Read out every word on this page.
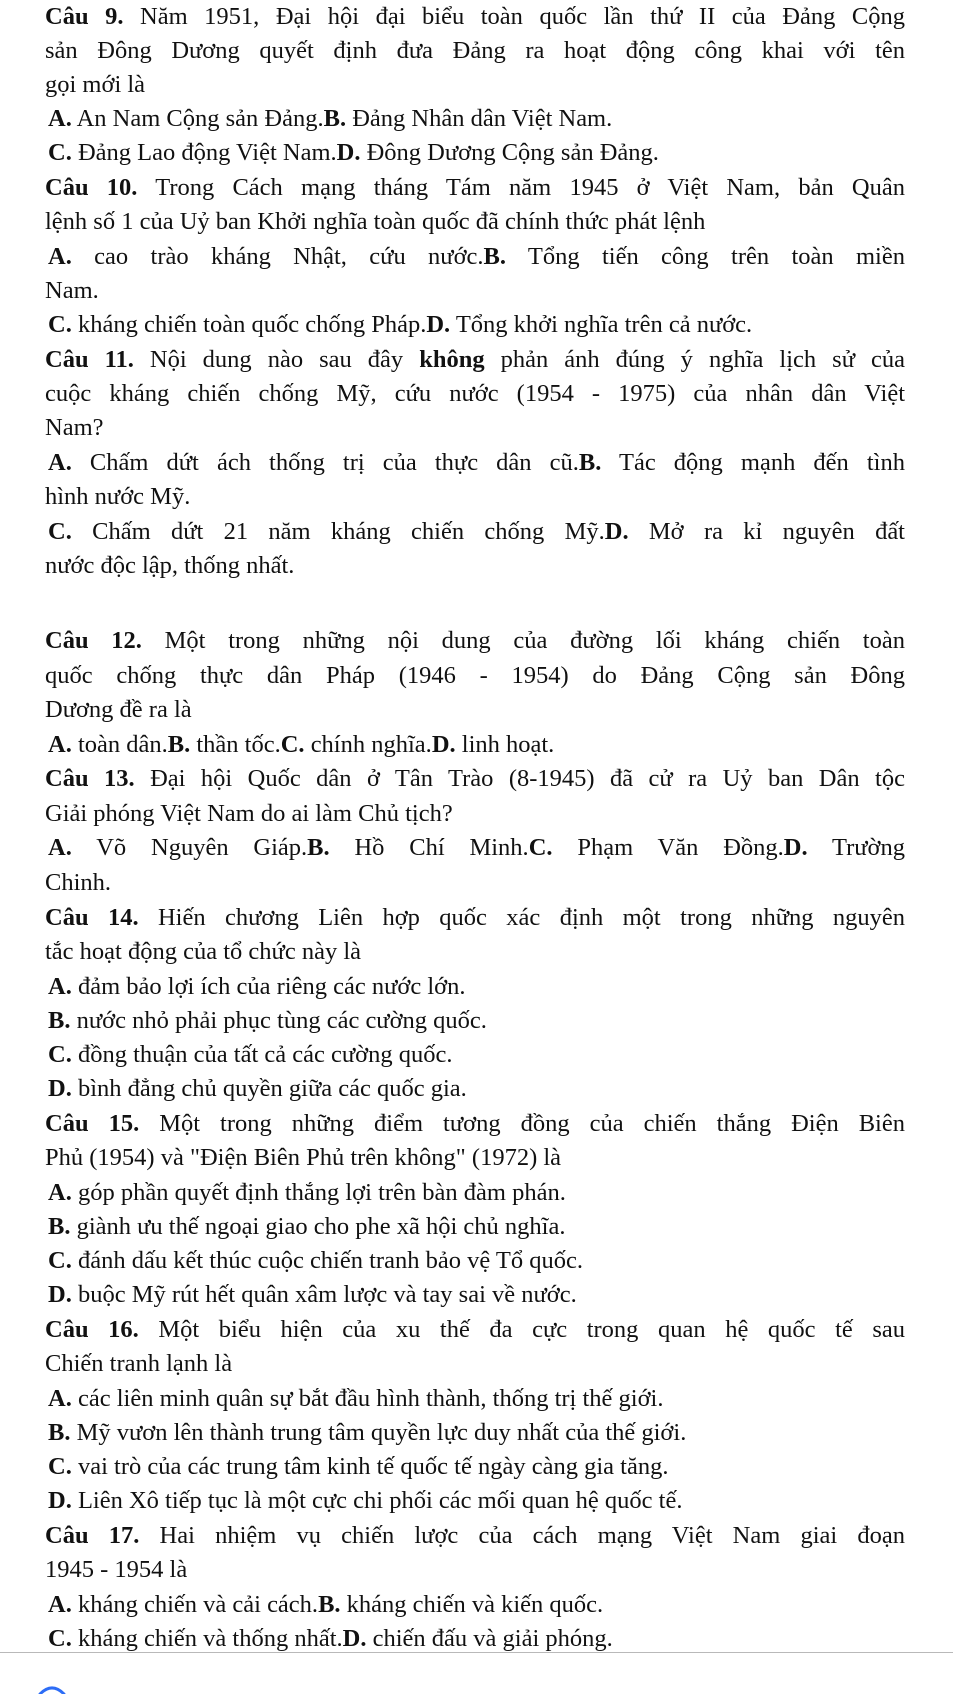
Câu 9. Năm 1951, Đại hội đại biểu toàn quốc lần thứ II của Đảng Cộng
sản Đông Dương quyết định đưa Đảng ra hoạt động công khai với tên
gọi mới là
A. An Nam Cộng sản Đảng.B. Đảng Nhân dân Việt Nam.
C. Đảng Lao động Việt Nam.D. Đông Dương Cộng sản Đảng.
Câu 10. Trong Cách mạng tháng Tám năm 1945 ở Việt Nam, bản Quân
lệnh số 1 của Uỷ ban Khởi nghĩa toàn quốc đã chính thức phát lệnh
A. cao trào kháng Nhật, cứu nước.B. Tổng tiến công trên toàn miền
Nam.
C. kháng chiến toàn quốc chống Pháp.D. Tổng khởi nghĩa trên cả nước.
Câu 11. Nội dung nào sau đây không phản ánh đúng ý nghĩa lịch sử của
cuộc kháng chiến chống Mỹ, cứu nước (1954 - 1975) của nhân dân Việt
Nam?
A. Chấm dứt ách thống trị của thực dân cũ.B. Tác động mạnh đến tình
hình nước Mỹ.
C. Chấm dứt 21 năm kháng chiến chống Mỹ.D. Mở ra kỉ nguyên đất
nước độc lập, thống nhất.
Câu 12. Một trong những nội dung của đường lối kháng chiến toàn
quốc chống thực dân Pháp (1946 - 1954) do Đảng Cộng sản Đông
Dương đề ra là
A. toàn dân.B. thần tốc.C. chính nghĩa.D. linh hoạt.
Câu 13. Đại hội Quốc dân ở Tân Trào (8-1945) đã cử ra Uỷ ban Dân tộc
Giải phóng Việt Nam do ai làm Chủ tịch?
A. Võ Nguyên Giáp.B. Hồ Chí Minh.C. Phạm Văn Đồng.D. Trường
Chinh.
Câu 14. Hiến chương Liên hợp quốc xác định một trong những nguyên
tắc hoạt động của tổ chức này là
A. đảm bảo lợi ích của riêng các nước lớn.
B. nước nhỏ phải phục tùng các cường quốc.
C. đồng thuận của tất cả các cường quốc.
D. bình đẳng chủ quyền giữa các quốc gia.
Câu 15. Một trong những điểm tương đồng của chiến thắng Điện Biên
Phủ (1954) và "Điện Biên Phủ trên không" (1972) là
A. góp phần quyết định thắng lợi trên bàn đàm phán.
B. giành ưu thế ngoại giao cho phe xã hội chủ nghĩa.
C. đánh dấu kết thúc cuộc chiến tranh bảo vệ Tổ quốc.
D. buộc Mỹ rút hết quân xâm lược và tay sai về nước.
Câu 16. Một biểu hiện của xu thế đa cực trong quan hệ quốc tế sau
Chiến tranh lạnh là
A. các liên minh quân sự bắt đầu hình thành, thống trị thế giới.
B. Mỹ vươn lên thành trung tâm quyền lực duy nhất của thế giới.
C. vai trò của các trung tâm kinh tế quốc tế ngày càng gia tăng.
D. Liên Xô tiếp tục là một cực chi phối các mối quan hệ quốc tế.
Câu 17. Hai nhiệm vụ chiến lược của cách mạng Việt Nam giai đoạn
1945 - 1954 là
A. kháng chiến và cải cách.B. kháng chiến và kiến quốc.
C. kháng chiến và thống nhất.D. chiến đấu và giải phóng.
